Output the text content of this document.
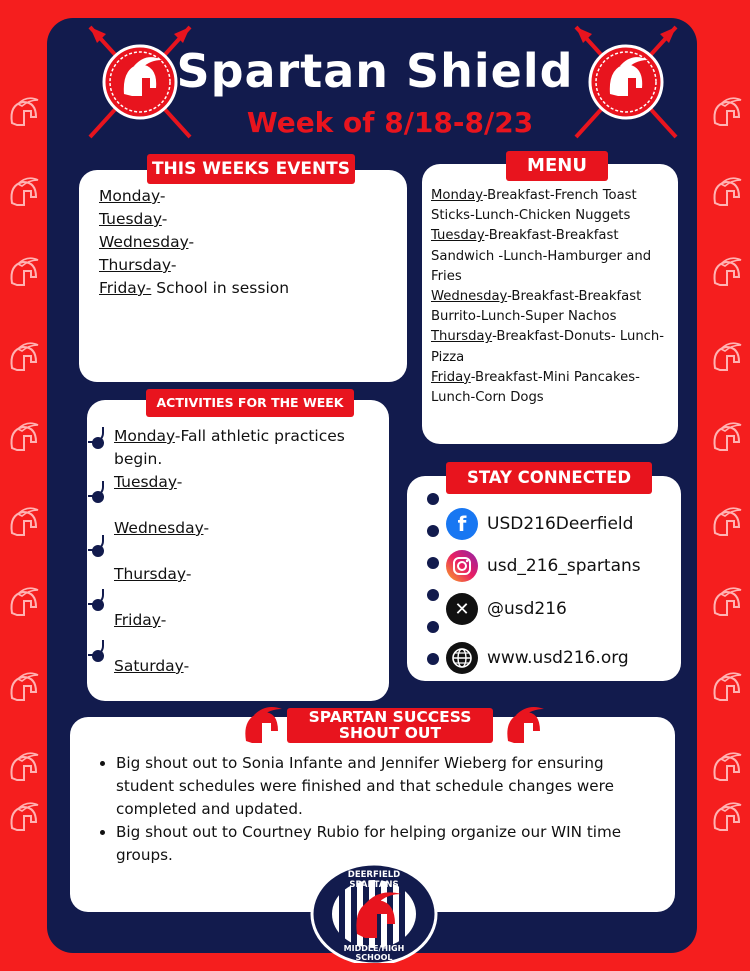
Spartan Shield
Week of 8/18-8/23
THIS WEEKS EVENTS
Monday-
Tuesday-
Wednesday-
Thursday-
Friday- School in session
MENU
Monday-Breakfast-French Toast Sticks-Lunch-Chicken Nuggets
Tuesday-Breakfast-Breakfast Sandwich -Lunch-Hamburger and Fries
Wednesday-Breakfast-Breakfast Burrito-Lunch-Super Nachos
Thursday-Breakfast-Donuts- Lunch-Pizza
Friday-Breakfast-Mini Pancakes-Lunch-Corn Dogs
ACTIVITIES FOR THE WEEK
Monday-Fall athletic practices begin.
Tuesday-
Wednesday-
Thursday-
Friday-
Saturday-
STAY CONNECTED
f	USD216Deerfield
usd_216_spartans
✕	@usd216
www.usd216.org
SPARTAN SUCCESS
SHOUT OUT
• Big shout out to Sonia Infante and Jennifer Wieberg for ensuring student schedules were finished and that schedule changes were completed and updated.
• Big shout out to Courtney Rubio for helping organize our WIN time groups.
DEERFIELD SPARTANS
MIDDLE/HIGH SCHOOL
